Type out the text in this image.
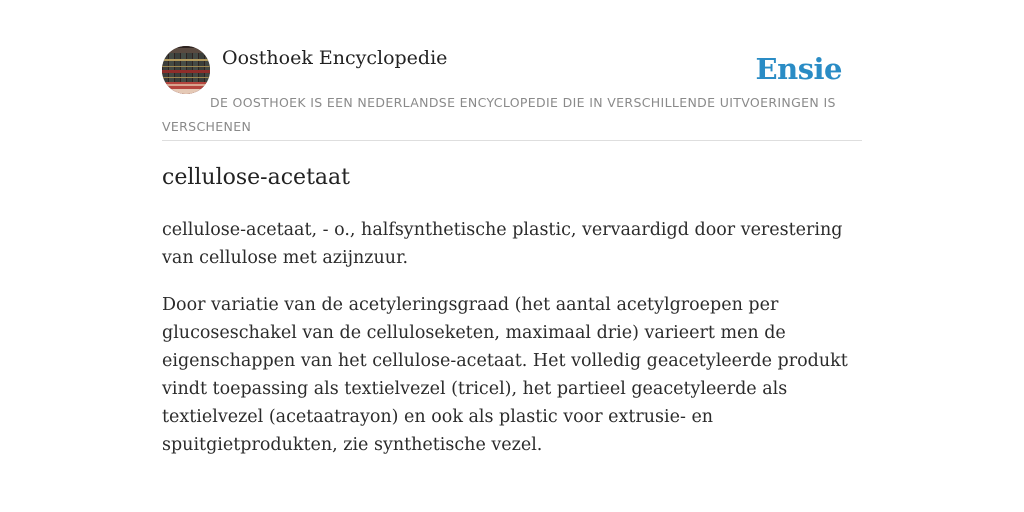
Oosthoek Encyclopedie	Ensie
DE OOSTHOEK IS EEN NEDERLANDSE ENCYCLOPEDIE DIE IN VERSCHILLENDE UITVOERINGEN IS VERSCHENEN
cellulose-acetaat

cellulose-acetaat, - o., halfsynthetische plastic, vervaardigd door verestering van cellulose met azijnzuur.

Door variatie van de acetyleringsgraad (het aantal acetylgroepen per glucoseschakel van de celluloseketen, maximaal drie) varieert men de eigenschappen van het cellulose-acetaat. Het volledig geacetyleerde produkt vindt toepassing als textielvezel (tricel), het partieel geacetyleerde als textielvezel (acetaatrayon) en ook als plastic voor extrusie- en spuitgietprodukten, zie synthetische vezel.
